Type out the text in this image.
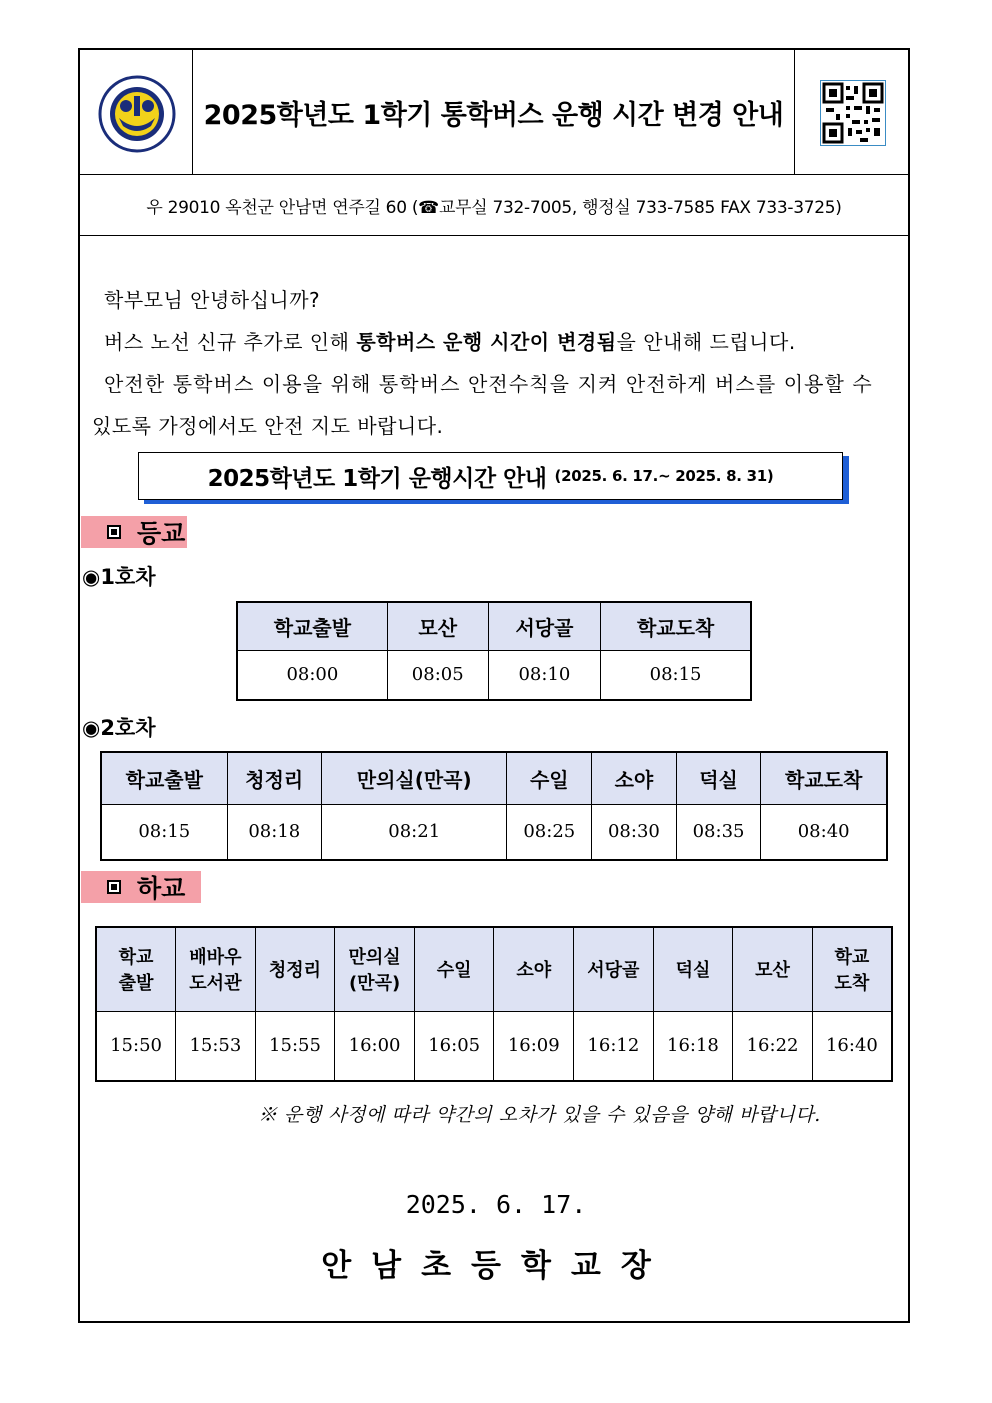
2025학년도 1학기 통학버스 운행 시간 변경 안내
우 29010 옥천군 안남면 연주길 60 (☎교무실 732-7005, 행정실 733-7585 FAX 733-3725)
학부모님 안녕하십니까?
버스 노선 신규 추가로 인해 통학버스 운행 시간이 변경됨을 안내해 드립니다.
안전한 통학버스 이용을 위해 통학버스 안전수칙을 지켜 안전하게 버스를 이용할 수
있도록 가정에서도 안전 지도 바랍니다.
2025학년도 1학기 운행시간 안내 (2025. 6. 17.~ 2025. 8. 31)
등교
◉1호차
학교출발	모산	서당골	학교도착
08:00	08:05	08:10	08:15
◉2호차
학교출발	청정리	만의실(만곡)	수일	소야	덕실	학교도착
08:15	08:18	08:21	08:25	08:30	08:35	08:40
하교
학교
출발	배바우
도서관	청정리	만의실
(만곡)	수일	소야	서당골	덕실	모산	학교
도착
15:50	15:53	15:55	16:00	16:05	16:09	16:12	16:18	16:22	16:40
※ 운행 사정에 따라 약간의 오차가 있을 수 있음을 양해 바랍니다.
2025. 6. 17.
안남초등학교장
